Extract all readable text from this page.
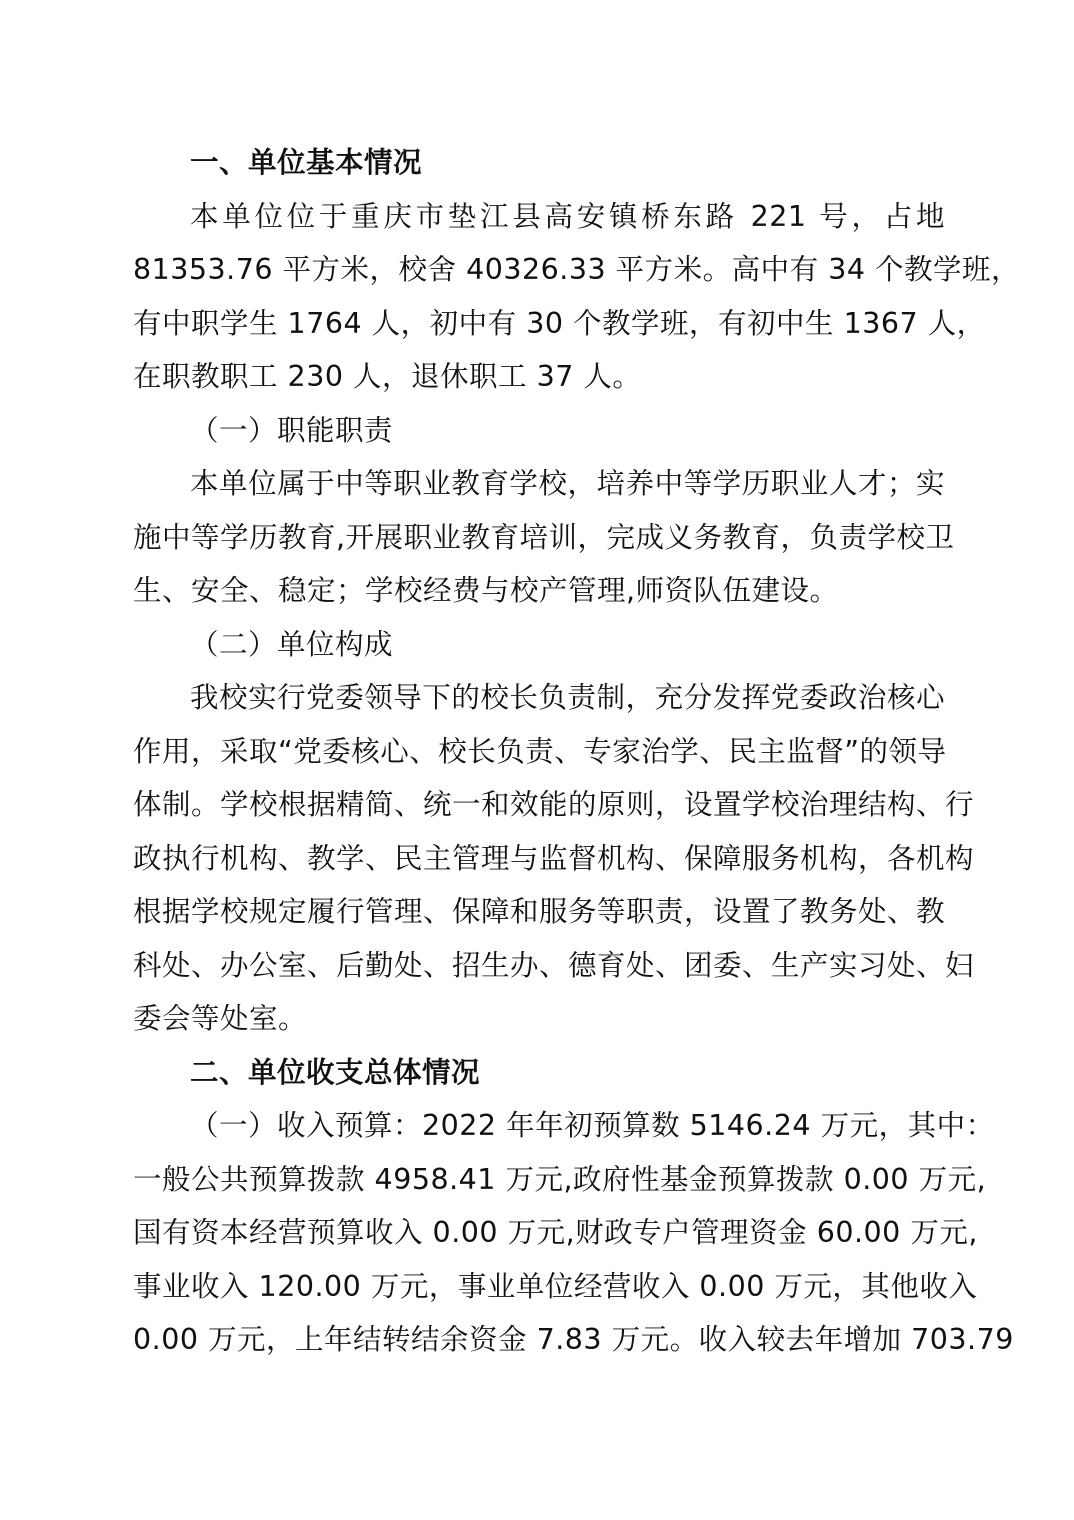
一、单位基本情况
本单位位于重庆市垫江县高安镇桥东路 221 号，占地
81353.76 平方米，校舍 40326.33 平方米。高中有 34 个教学班，
有中职学生 1764 人，初中有 30 个教学班，有初中生 1367 人，
在职教职工 230 人，退休职工 37 人。
（一）职能职责
本单位属于中等职业教育学校，培养中等学历职业人才；实
施中等学历教育,开展职业教育培训，完成义务教育，负责学校卫
生、安全、稳定；学校经费与校产管理,师资队伍建设。
（二）单位构成
我校实行党委领导下的校长负责制，充分发挥党委政治核心
作用，采取“党委核心、校长负责、专家治学、民主监督”的领导
体制。学校根据精简、统一和效能的原则，设置学校治理结构、行
政执行机构、教学、民主管理与监督机构、保障服务机构，各机构
根据学校规定履行管理、保障和服务等职责，设置了教务处、教
科处、办公室、后勤处、招生办、德育处、团委、生产实习处、妇
委会等处室。
二、单位收支总体情况
（一）收入预算：2022 年年初预算数 5146.24 万元，其中：
一般公共预算拨款 4958.41 万元,政府性基金预算拨款 0.00 万元,
国有资本经营预算收入 0.00 万元,财政专户管理资金 60.00 万元,
事业收入 120.00 万元，事业单位经营收入 0.00 万元，其他收入
0.00 万元，上年结转结余资金 7.83 万元。收入较去年增加 703.79
